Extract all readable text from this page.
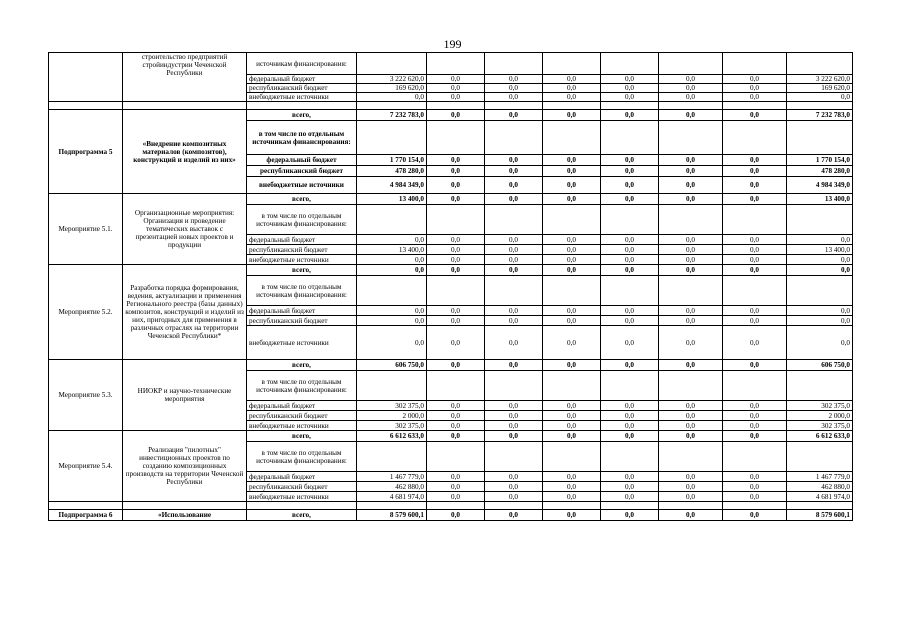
199
	строительство предприятий стройиндустрии Чеченской Республики	источникам финансирования:								
		федеральный бюджет	3 222 620,0	0,0	0,0	0,0	0,0	0,0	0,0	3 222 620,0
		республиканский бюджет	169 620,0	0,0	0,0	0,0	0,0	0,0	0,0	169 620,0
		внебюджетные источники	0,0	0,0	0,0	0,0	0,0	0,0	0,0	0,0

Подпрограмма 5	«Внедрение композитных материалов (композитов), конструкций и изделий из них»	всего,	7 232 783,0	0,0	0,0	0,0	0,0	0,0	0,0	7 232 783,0
		в том числе по отдельным источникам финансирования:								
		федеральный бюджет	1 770 154,0	0,0	0,0	0,0	0,0	0,0	0,0	1 770 154,0
		республиканский бюджет	478 280,0	0,0	0,0	0,0	0,0	0,0	0,0	478 280,0
		внебюджетные источники	4 984 349,0	0,0	0,0	0,0	0,0	0,0	0,0	4 984 349,0
Мероприятие 5.1.	Организационные мероприятия: Организация и проведение тематических выставок с презентацией новых проектов и продукции	всего,	13 400,0	0,0	0,0	0,0	0,0	0,0	0,0	13 400,0
		в том числе по отдельным источникам финансирования:								
		федеральный бюджет	0,0	0,0	0,0	0,0	0,0	0,0	0,0	0,0
		республиканский бюджет	13 400,0	0,0	0,0	0,0	0,0	0,0	0,0	13 400,0
		внебюджетные источники	0,0	0,0	0,0	0,0	0,0	0,0	0,0	0,0
Мероприятие 5.2.	Разработка порядка формирования, ведения, актуализации и применения Регионального реестра (базы данных) композитов, конструкций и изделий из них, пригодных для применения в различных отраслях на территории Чеченской Республики*	всего,	0,0	0,0	0,0	0,0	0,0	0,0	0,0	0,0
		в том числе по отдельным источникам финансирования:								
		федеральный бюджет	0,0	0,0	0,0	0,0	0,0	0,0	0,0	0,0
		республиканский бюджет	0,0	0,0	0,0	0,0	0,0	0,0	0,0	0,0
		внебюджетные источники	0,0	0,0	0,0	0,0	0,0	0,0	0,0	0,0
Мероприятие 5.3.	НИОКР и научно-технические мероприятия	всего,	606 750,0	0,0	0,0	0,0	0,0	0,0	0,0	606 750,0
		в том числе по отдельным источникам финансирования:								
		федеральный бюджет	302 375,0	0,0	0,0	0,0	0,0	0,0	0,0	302 375,0
		республиканский бюджет	2 000,0	0,0	0,0	0,0	0,0	0,0	0,0	2 000,0
		внебюджетные источники	302 375,0	0,0	0,0	0,0	0,0	0,0	0,0	302 375,0
Мероприятие 5.4.	Реализация "пилотных" инвестиционных проектов по созданию композиционных производств на территории Чеченской Республики	всего,	6 612 633,0	0,0	0,0	0,0	0,0	0,0	0,0	6 612 633,0
		в том числе по отдельным источникам финансирования:								
		федеральный бюджет	1 467 779,0	0,0	0,0	0,0	0,0	0,0	0,0	1 467 779,0
		республиканский бюджет	462 880,0	0,0	0,0	0,0	0,0	0,0	0,0	462 880,0
		внебюджетные источники	4 681 974,0	0,0	0,0	0,0	0,0	0,0	0,0	4 681 974,0

Подпрограмма 6	«Использование	всего,	8 579 600,1	0,0	0,0	0,0	0,0	0,0	0,0	8 579 600,1
